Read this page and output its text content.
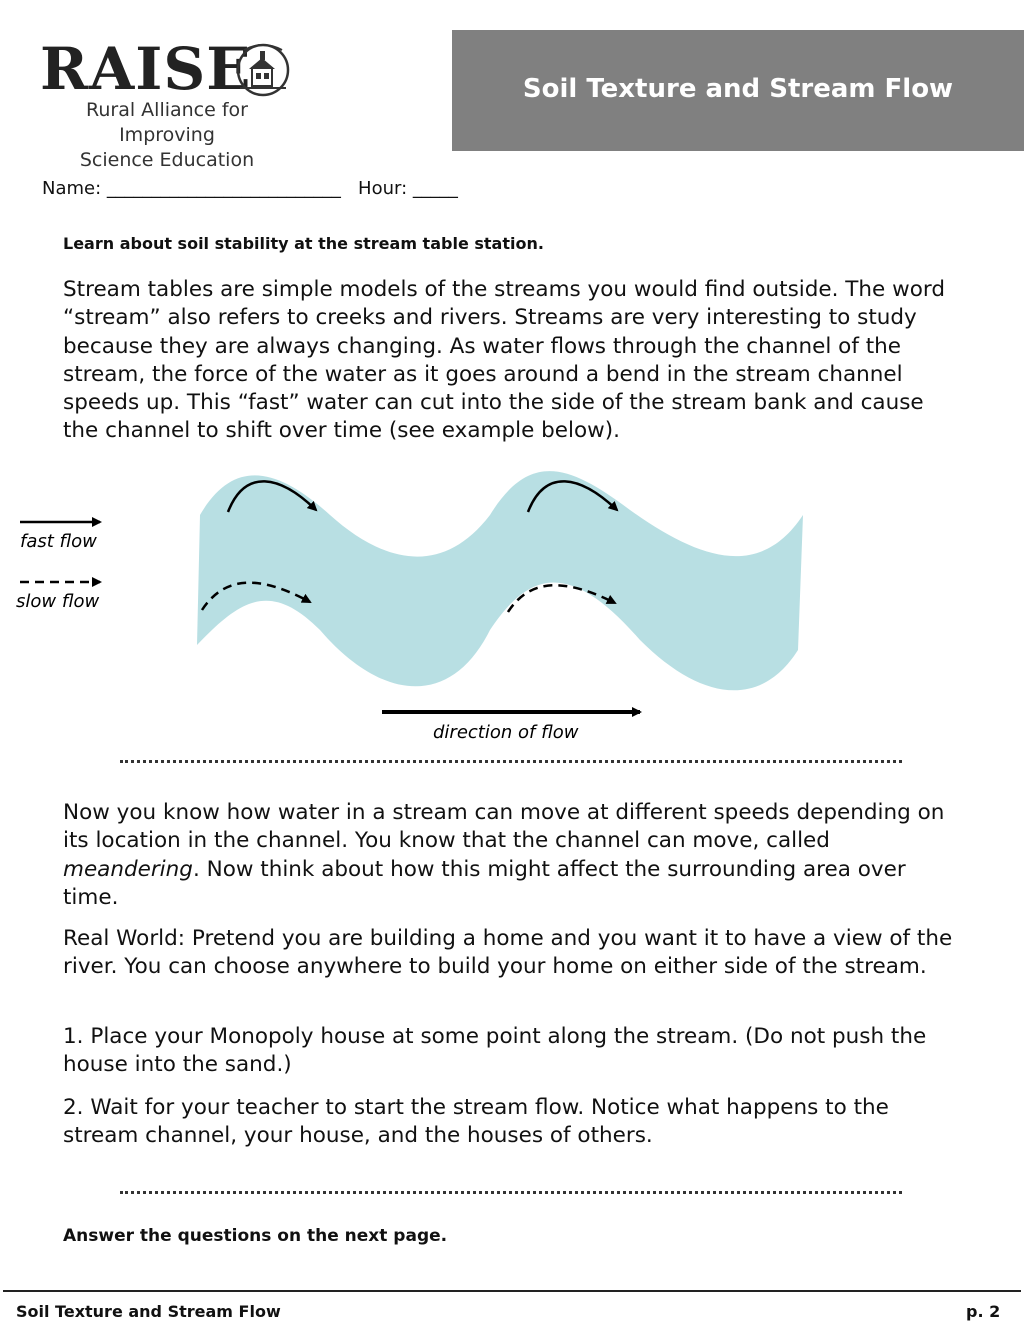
RAISE
Rural Alliance for Improving
Science Education
Soil Texture and Stream Flow
Name: __________________________   Hour: _____
Learn about soil stability at the stream table station.
Stream tables are simple models of the streams you would find outside. The word “stream” also refers to creeks and rivers. Streams are very interesting to study because they are always changing. As water flows through the channel of the stream, the force of the water as it goes around a bend in the stream channel speeds up. This “fast” water can cut into the side of the stream bank and cause the channel to shift over time (see example below).
fast flow
slow flow
direction of flow
Now you know how water in a stream can move at different speeds depending on its location in the channel. You know that the channel can move, called meandering. Now think about how this might affect the surrounding area over time.
Real World: Pretend you are building a home and you want it to have a view of the river. You can choose anywhere to build your home on either side of the stream.
1. Place your Monopoly house at some point along the stream. (Do not push the house into the sand.)
2. Wait for your teacher to start the stream flow. Notice what happens to the stream channel, your house, and the houses of others.
Answer the questions on the next page.
Soil Texture and Stream Flow	p. 2
